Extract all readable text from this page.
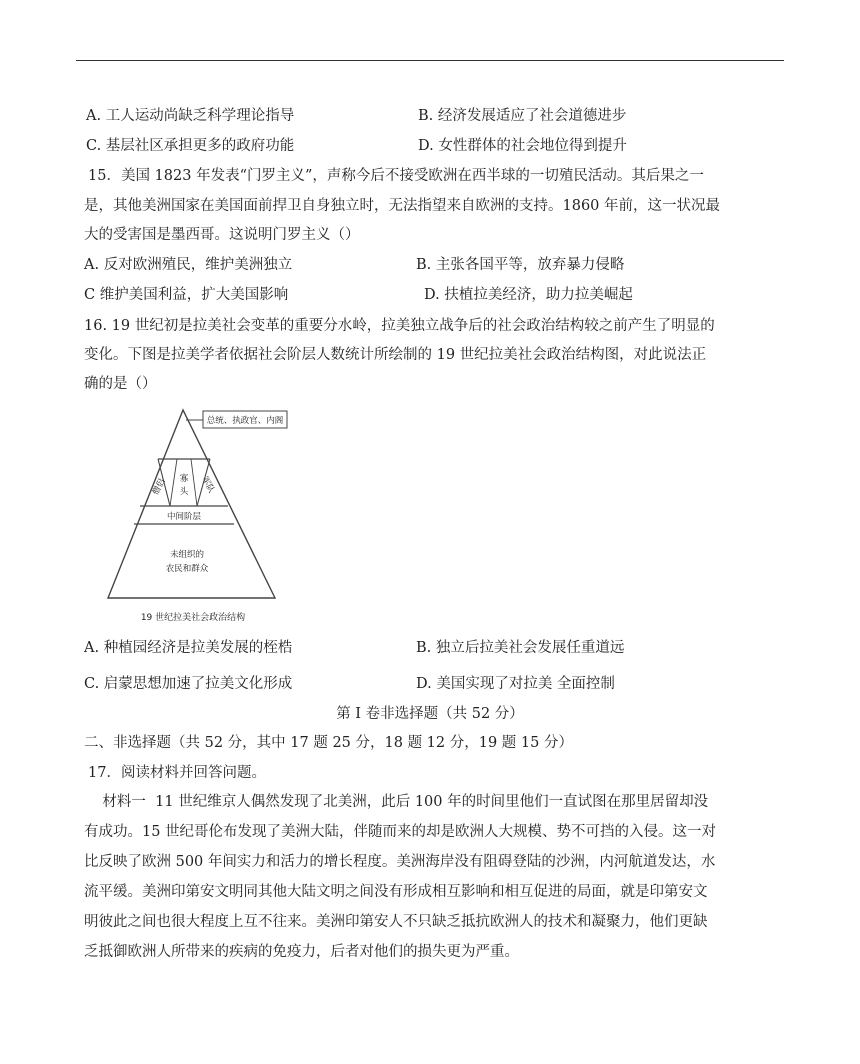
A. 工人运动尚缺乏科学理论指导	B. 经济发展适应了社会道德进步
C. 基层社区承担更多的政府功能	D. 女性群体的社会地位得到提升
15．美国 1823 年发表“门罗主义”，声称今后不接受欧洲在西半球的一切殖民活动。其后果之一
是，其他美洲国家在美国面前捍卫自身独立时，无法指望来自欧洲的支持。1860 年前，这一状况最
大的受害国是墨西哥。这说明门罗主义（）
A. 反对欧洲殖民，维护美洲独立	B. 主张各国平等，放弃暴力侵略
C 维护美国利益，扩大美国影响	D. 扶植拉美经济，助力拉美崛起
16. 19 世纪初是拉美社会变革的重要分水岭，拉美独立战争后的社会政治结构较之前产生了明显的
变化。下图是拉美学者依据社会阶层人数统计所绘制的 19 世纪拉美社会政治结构图，对此说法正
确的是（）
总统、执政官、内阁
僧侣 寡
头 军队
中间阶层
未组织的
农民和群众
19 世纪拉美社会政治结构
A. 种植园经济是拉美发展的桎梏	B. 独立后拉美社会发展任重道远
C. 启蒙思想加速了拉美文化形成	D. 美国实现了对拉美 全面控制
第 I 卷非选择题（共 52 分）
二、非选择题（共 52 分，其中 17 题 25 分，18 题 12 分，19 题 15 分）
17．阅读材料并回答问题。
材料一  11 世纪维京人偶然发现了北美洲，此后 100 年的时间里他们一直试图在那里居留却没
有成功。15 世纪哥伦布发现了美洲大陆，伴随而来的却是欧洲人大规模、势不可挡的入侵。这一对
比反映了欧洲 500 年间实力和活力的增长程度。美洲海岸没有阻碍登陆的沙洲，内河航道发达，水
流平缓。美洲印第安文明同其他大陆文明之间没有形成相互影响和相互促进的局面，就是印第安文
明彼此之间也很大程度上互不往来。美洲印第安人不只缺乏抵抗欧洲人的技术和凝聚力，他们更缺
乏抵御欧洲人所带来的疾病的免疫力，后者对他们的损失更为严重。
